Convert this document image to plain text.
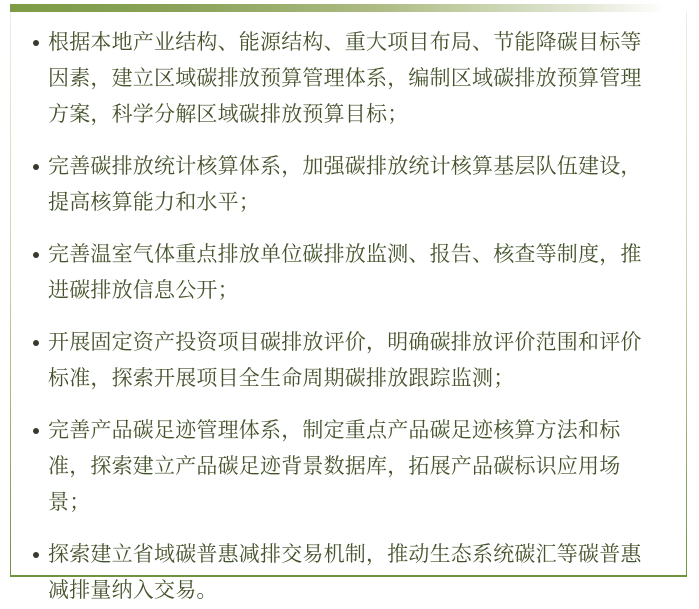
根据本地产业结构、能源结构、重大项目布局、节能降碳目标等因素，建立区域碳排放预算管理体系，编制区域碳排放预算管理方案，科学分解区域碳排放预算目标；
完善碳排放统计核算体系，加强碳排放统计核算基层队伍建设，提高核算能力和水平；
完善温室气体重点排放单位碳排放监测、报告、核查等制度，推进碳排放信息公开；
开展固定资产投资项目碳排放评价，明确碳排放评价范围和评价标准，探索开展项目全生命周期碳排放跟踪监测；
完善产品碳足迹管理体系，制定重点产品碳足迹核算方法和标准，探索建立产品碳足迹背景数据库，拓展产品碳标识应用场景；
探索建立省域碳普惠减排交易机制，推动生态系统碳汇等碳普惠减排量纳入交易。
